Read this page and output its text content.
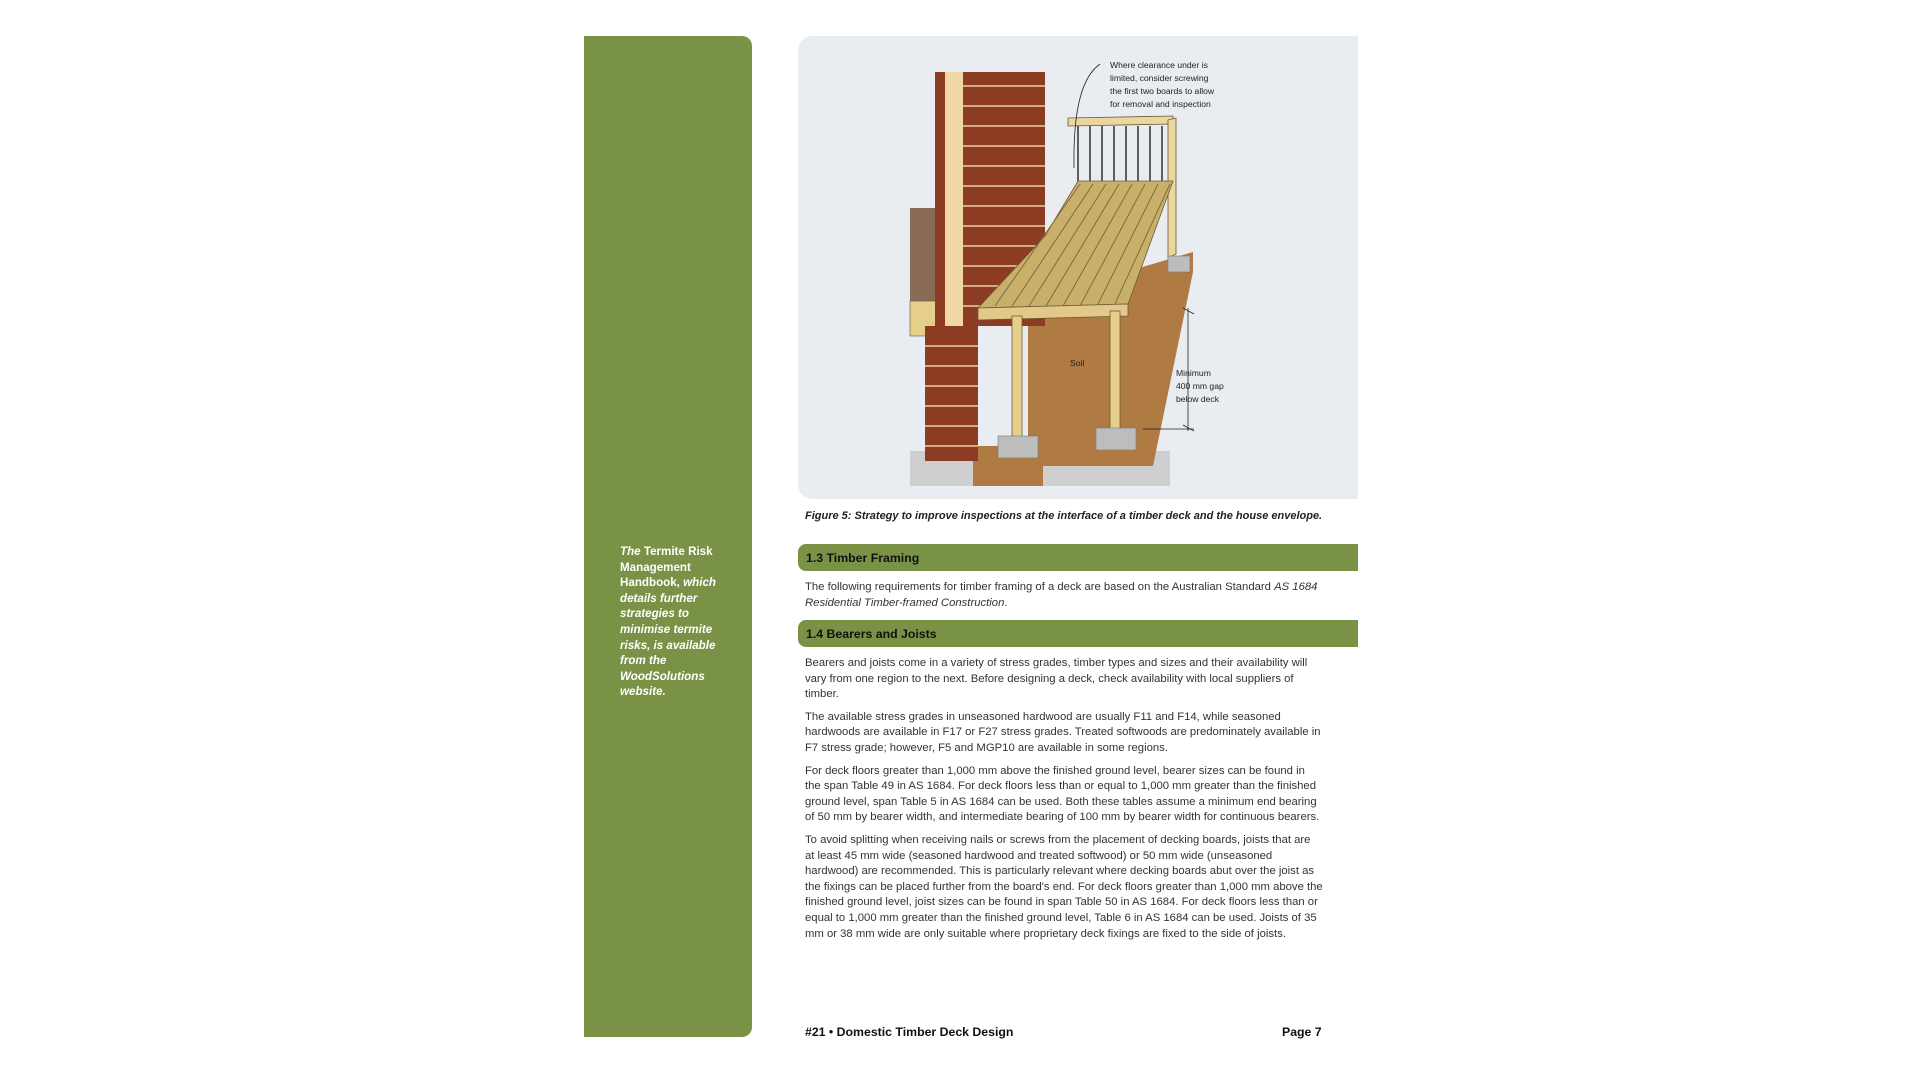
The Termite Risk Management Handbook, which details further strategies to minimise termite risks, is available from the WoodSolutions website.
Where clearance under is limited, consider screwing the first two boards to allow for removal and inspection
Soil
Minimum 400 mm gap below deck
Figure 5: Strategy to improve inspections at the interface of a timber deck and the house envelope.
1.3 Timber Framing

The following requirements for timber framing of a deck are based on the Australian Standard AS 1684 Residential Timber-framed Construction.

1.4 Bearers and Joists

Bearers and joists come in a variety of stress grades, timber types and sizes and their availability will vary from one region to the next. Before designing a deck, check availability with local suppliers of timber.

The available stress grades in unseasoned hardwood are usually F11 and F14, while seasoned hardwoods are available in F17 or F27 stress grades. Treated softwoods are predominately available in F7 stress grade; however, F5 and MGP10 are available in some regions.

For deck floors greater than 1,000 mm above the finished ground level, bearer sizes can be found in the span Table 49 in AS 1684. For deck floors less than or equal to 1,000 mm greater than the finished ground level, span Table 5 in AS 1684 can be used. Both these tables assume a minimum end bearing of 50 mm by bearer width, and intermediate bearing of 100 mm by bearer width for continuous bearers.

To avoid splitting when receiving nails or screws from the placement of decking boards, joists that are at least 45 mm wide (seasoned hardwood and treated softwood) or 50 mm wide (unseasoned hardwood) are recommended. This is particularly relevant where decking boards abut over the joist as the fixings can be placed further from the board's end. For deck floors greater than 1,000 mm above the finished ground level, joist sizes can be found in span Table 50 in AS 1684. For deck floors less than or equal to 1,000 mm greater than the finished ground level, Table 6 in AS 1684 can be used. Joists of 35 mm or 38 mm wide are only suitable where proprietary deck fixings are fixed to the side of joists.

#21 • Domestic Timber Deck Design	Page 7
